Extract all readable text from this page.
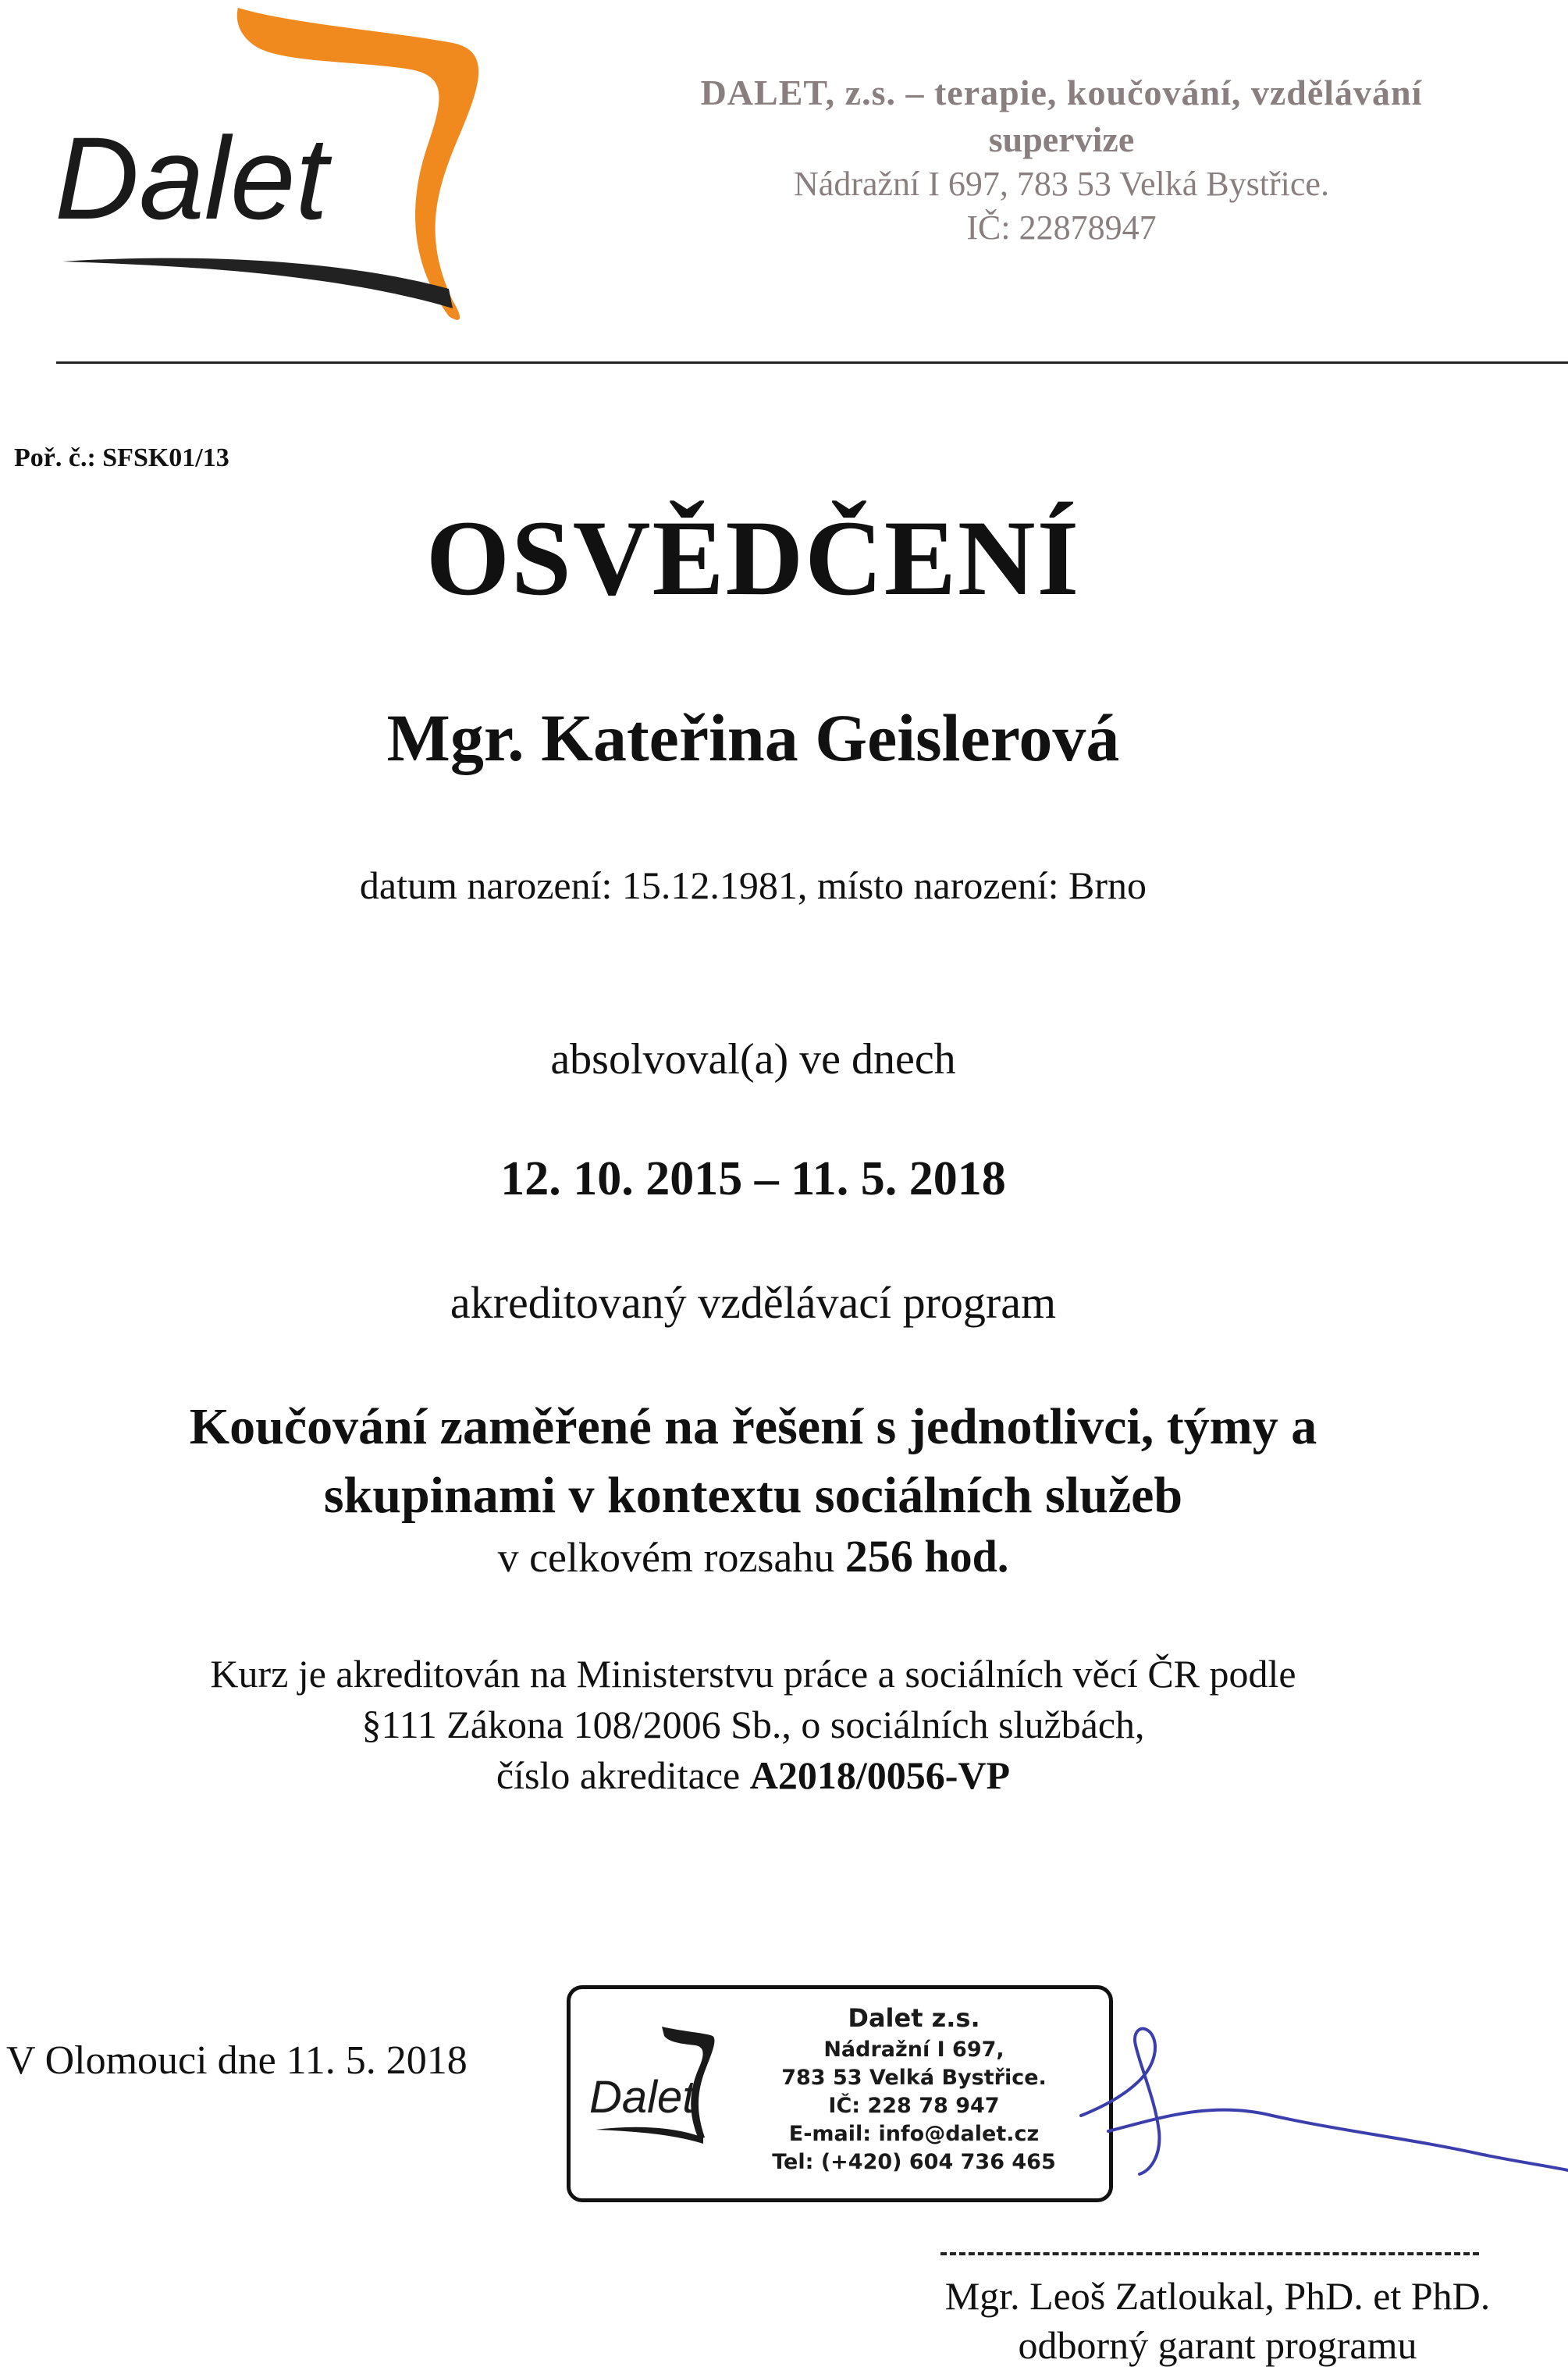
Dalet
DALET, z.s. – terapie, koučování, vzdělávání
supervize
Nádražní I 697, 783 53 Velká Bystřice.
IČ: 22878947
Poř. č.: SFSK01/13
OSVĚDČENÍ
Mgr. Kateřina Geislerová
datum narození: 15.12.1981, místo narození: Brno
absolvoval(a) ve dnech
12. 10. 2015 – 11. 5. 2018
akreditovaný vzdělávací program
Koučování zaměřené na řešení s jednotlivci, týmy a
skupinami v kontextu sociálních služeb
v celkovém rozsahu 256 hod.
Kurz je akreditován na Ministerstvu práce a sociálních věcí ČR podle
§111 Zákona 108/2006 Sb., o sociálních službách,
číslo akreditace A2018/0056-VP
V Olomouci dne 11. 5. 2018
Dalet
Dalet z.s.
Nádražní I 697,
783 53 Velká Bystřice.
IČ: 228 78 947
E-mail: info@dalet.cz
Tel: (+420) 604 736 465
Mgr. Leoš Zatloukal, PhD. et PhD.
odborný garant programu
